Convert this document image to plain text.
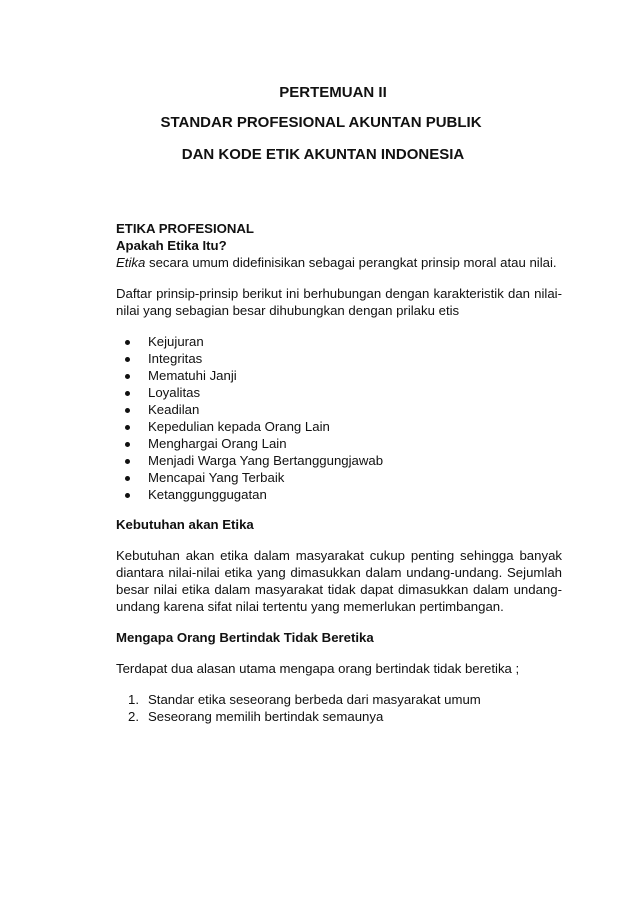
PERTEMUAN II
STANDAR PROFESIONAL AKUNTAN PUBLIK
DAN KODE ETIK AKUNTAN INDONESIA

ETIKA PROFESIONAL

Apakah Etika Itu?

Etika secara umum didefinisikan sebagai perangkat prinsip moral atau nilai.

Daftar prinsip-prinsip berikut ini berhubungan dengan karakteristik dan nilai-nilai yang sebagian besar dihubungkan dengan prilaku etis

Kejujuran
Integritas
Mematuhi Janji
Loyalitas
Keadilan
Kepedulian kepada Orang Lain
Menghargai Orang Lain
Menjadi Warga Yang Bertanggungjawab
Mencapai Yang Terbaik
Ketanggunggugatan

Kebutuhan akan Etika

Kebutuhan akan etika dalam masyarakat cukup penting sehingga banyak diantara nilai-nilai etika yang dimasukkan dalam undang-undang. Sejumlah besar nilai etika dalam masyarakat tidak dapat dimasukkan dalam undang-undang karena sifat nilai tertentu yang memerlukan pertimbangan.

Mengapa Orang Bertindak Tidak Beretika

Terdapat dua alasan utama mengapa orang bertindak tidak beretika ;

1. Standar etika seseorang berbeda dari masyarakat umum
2. Seseorang memilih bertindak semaunya
